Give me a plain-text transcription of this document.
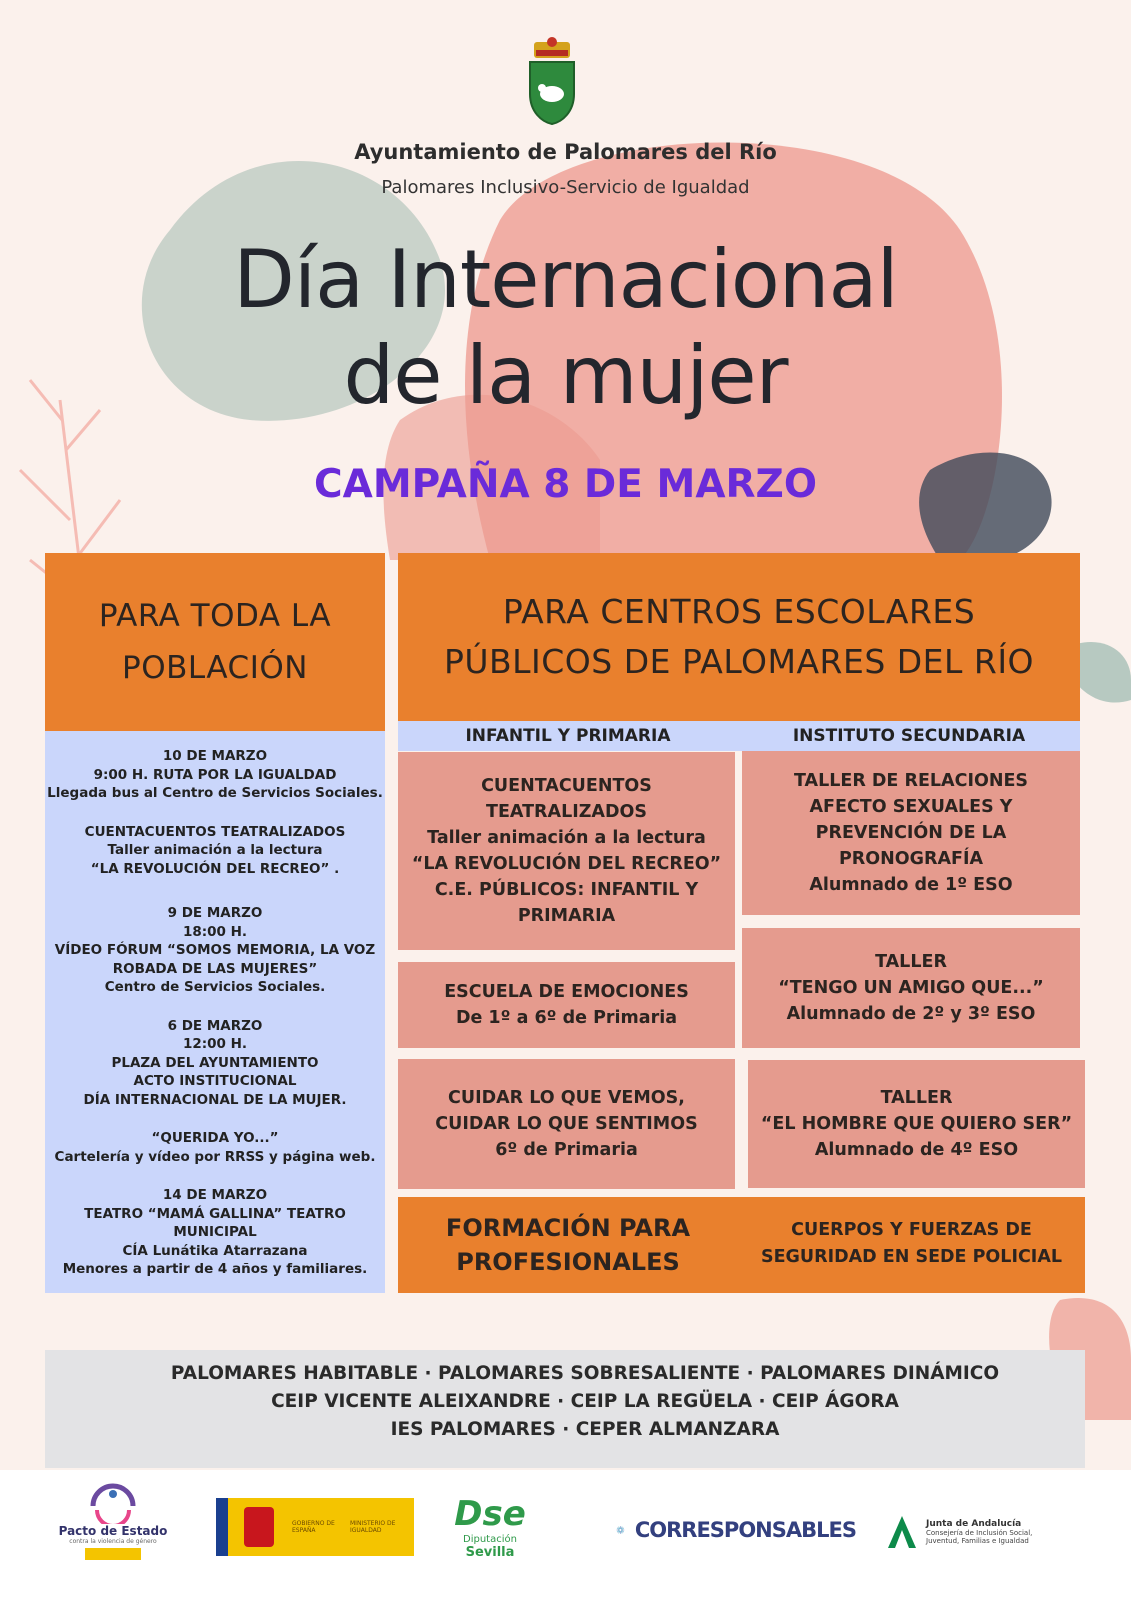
Ayuntamiento de Palomares del Río
Palomares Inclusivo-Servicio de Igualdad
Día Internacional
de la mujer
CAMPAÑA 8 DE MARZO
PARA TODA LA
POBLACIÓN
10 DE MARZO
9:00 H. RUTA POR LA IGUALDAD
Llegada bus al Centro de Servicios Sociales.
CUENTACUENTOS TEATRALIZADOS
Taller animación a la lectura
“LA REVOLUCIÓN DEL RECREO” .
9 DE MARZO
18:00 H.
VÍDEO FÓRUM “SOMOS MEMORIA, LA VOZ
ROBADA DE LAS MUJERES”
Centro de Servicios Sociales.
6 DE MARZO
12:00 H.
PLAZA DEL AYUNTAMIENTO
ACTO INSTITUCIONAL
DÍA INTERNACIONAL DE LA MUJER.
“QUERIDA YO...”
Cartelería y vídeo por RRSS y página web.
14 DE MARZO
TEATRO “MAMÁ GALLINA” TEATRO MUNICIPAL
CÍA Lunátika Atarrazana
Menores a partir de 4 años y familiares.
PARA CENTROS ESCOLARES
PÚBLICOS DE PALOMARES DEL RÍO
INFANTIL Y PRIMARIA	INSTITUTO SECUNDARIA
CUENTACUENTOS TEATRALIZADOS
Taller animación a la lectura
“LA REVOLUCIÓN DEL RECREO”
C.E. PÚBLICOS: INFANTIL Y
PRIMARIA
ESCUELA DE EMOCIONES
De 1º a 6º de Primaria
CUIDAR LO QUE VEMOS,
CUIDAR LO QUE SENTIMOS
6º de Primaria
TALLER DE RELACIONES
AFECTO SEXUALES Y
PREVENCIÓN DE LA
PRONOGRAFÍA
Alumnado de 1º ESO
TALLER
“TENGO UN AMIGO QUE...”
Alumnado de 2º y 3º ESO
TALLER
“EL HOMBRE QUE QUIERO SER”
Alumnado de 4º ESO
FORMACIÓN PARA
PROFESIONALES
CUERPOS Y FUERZAS DE
SEGURIDAD EN SEDE POLICIAL
PALOMARES HABITABLE · PALOMARES SOBRESALIENTE · PALOMARES DINÁMICO
CEIP VICENTE ALEIXANDRE · CEIP LA REGÜELA · CEIP ÁGORA
IES PALOMARES · CEPER ALMANZARA
Pacto de Estado
contra la violencia de género
GOBIERNO DE ESPAÑA
MINISTERIO DE IGUALDAD	Dse
Diputación
Sevilla
CORRESPONSABLES	Junta de Andalucía
Consejería de Inclusión Social,
Juventud, Familias e Igualdad
